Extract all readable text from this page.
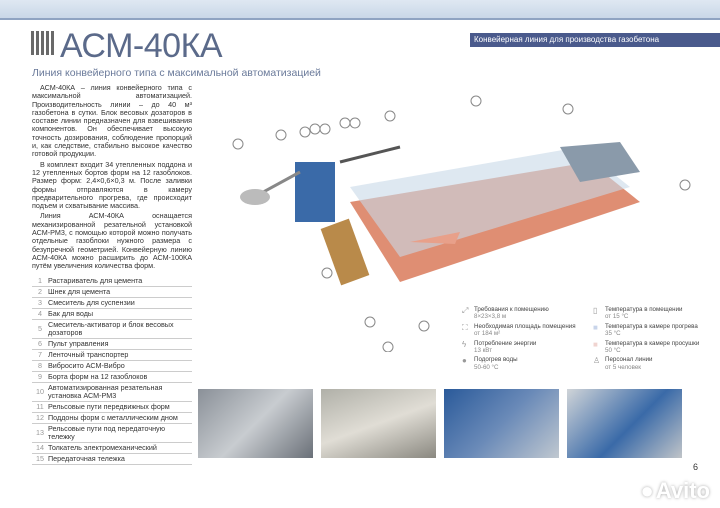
АСМ-40КА	Конвейерная линия для производства газобетона
Линия конвейерного типа с максимальной автоматизацией

АСМ-40КА – линия конвейерного типа с максимальной автоматизацией. Производительность линии – до 40 м³ газобетона в сутки. Блок весовых дозаторов в составе линии предназначен для взвешивания компонентов. Он обеспечивает высокую точность дозирования, соблюдение пропорций и, как следствие, стабильно высокое качество готовой продукции.

В комплект входит 34 утепленных поддона и 12 утепленных бортов форм на 12 газоблоков. Размер форм: 2,4×0,6×0,3 м. После заливки формы отправляются в камеру предварительного прогрева, где происходит подъем и схватывание массива.

Линия АСМ-40КА оснащается механизированной резательной установкой АСМ-РМ3, с помощью которой можно получать отдельные газоблоки нужного размера с безупречной геометрией. Конвейерную линию АСМ-40КА можно расширить до АСМ-100КА путём увеличения количества форм.

1 Растариватель для цемента
2 Шнек для цемента
3 Смеситель для суспензии
4 Бак для воды
5 Смеситель-активатор и блок весовых дозаторов
6 Пульт управления
7 Ленточный транспортер
8 Вибросито АСМ-Вибро
9 Борта форм на 12 газоблоков
10 Автоматизированная резательная установка АСМ-РМ3
11 Рельсовые пути передвижных форм
12 Поддоны форм с металлическим дном
13 Рельсовые пути под передаточную тележку
14 Толкатель электромеханический
15 Передаточная тележка
⤢ Требования к помещению
8×23×3,8 м
⛶	Необходимая площадь помещения
от 184 м²
ϟ	Потребление энергии
13 кВт
●	Подогрев воды
50-60 °C
▯	Температура в помещении
от 15 °C
■	Температура в камере прогрева
35 °C
■	Температура в камере просушки
50 °C
♙ Персонал линии
от 5 человек
6
● Avito
